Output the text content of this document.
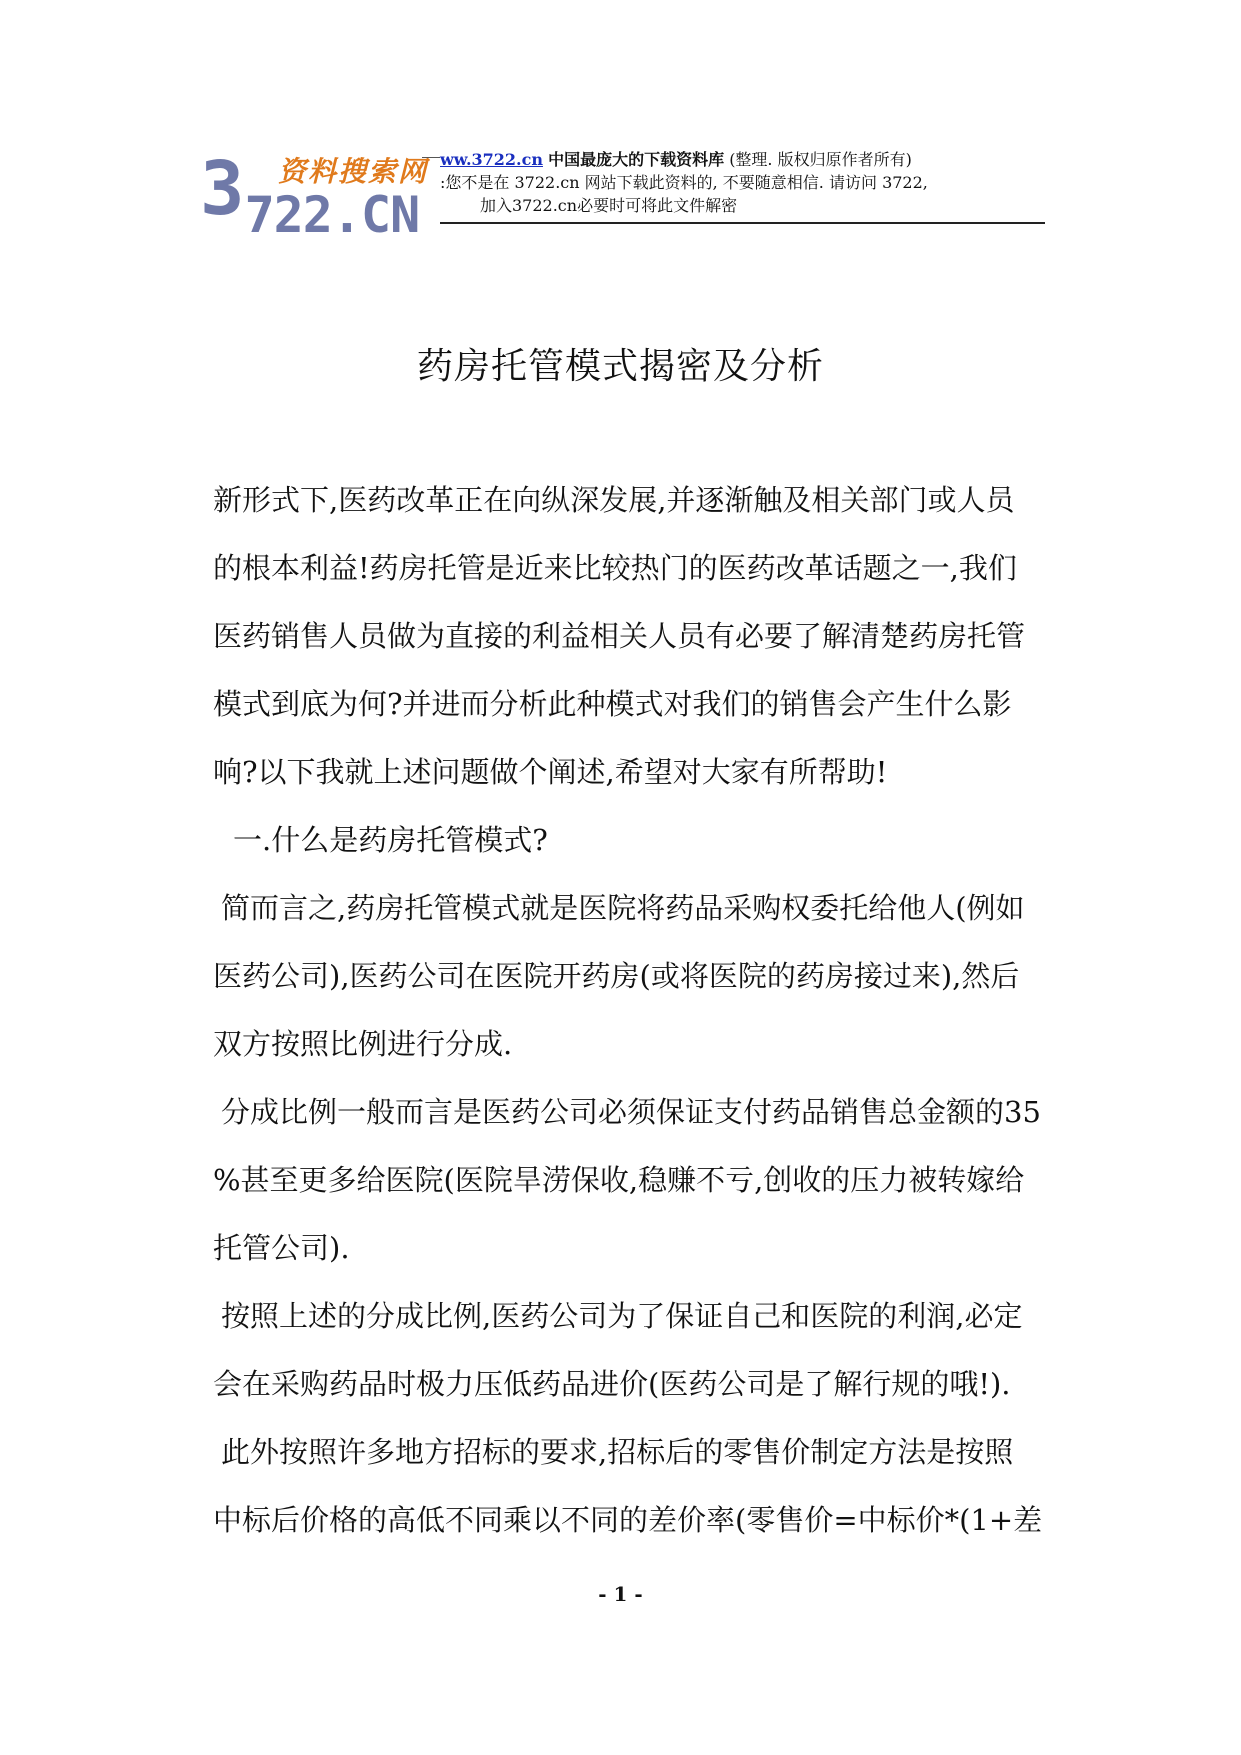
3722.CN
资料搜索网 ww.3722.cn 中国最庞大的下载资料库 (整理. 版权归原作者所有)
:您不是在 3722.cn 网站下载此资料的, 不要随意相信. 请访问 3722,
加入3722.cn必要时可将此文件解密
药房托管模式揭密及分析
新形式下,医药改革正在向纵深发展,并逐渐触及相关部门或人员
的根本利益!药房托管是近来比较热门的医药改革话题之一,我们
医药销售人员做为直接的利益相关人员有必要了解清楚药房托管
模式到底为何?并进而分析此种模式对我们的销售会产生什么影
响?以下我就上述问题做个阐述,希望对大家有所帮助!
一.什么是药房托管模式?
简而言之,药房托管模式就是医院将药品采购权委托给他人(例如
医药公司),医药公司在医院开药房(或将医院的药房接过来),然后
双方按照比例进行分成.
分成比例一般而言是医药公司必须保证支付药品销售总金额的35
%甚至更多给医院(医院旱涝保收,稳赚不亏,创收的压力被转嫁给
托管公司).
按照上述的分成比例,医药公司为了保证自己和医院的利润,必定
会在采购药品时极力压低药品进价(医药公司是了解行规的哦!).
此外按照许多地方招标的要求,招标后的零售价制定方法是按照
中标后价格的高低不同乘以不同的差价率(零售价=中标价*(1+差
- 1 -
